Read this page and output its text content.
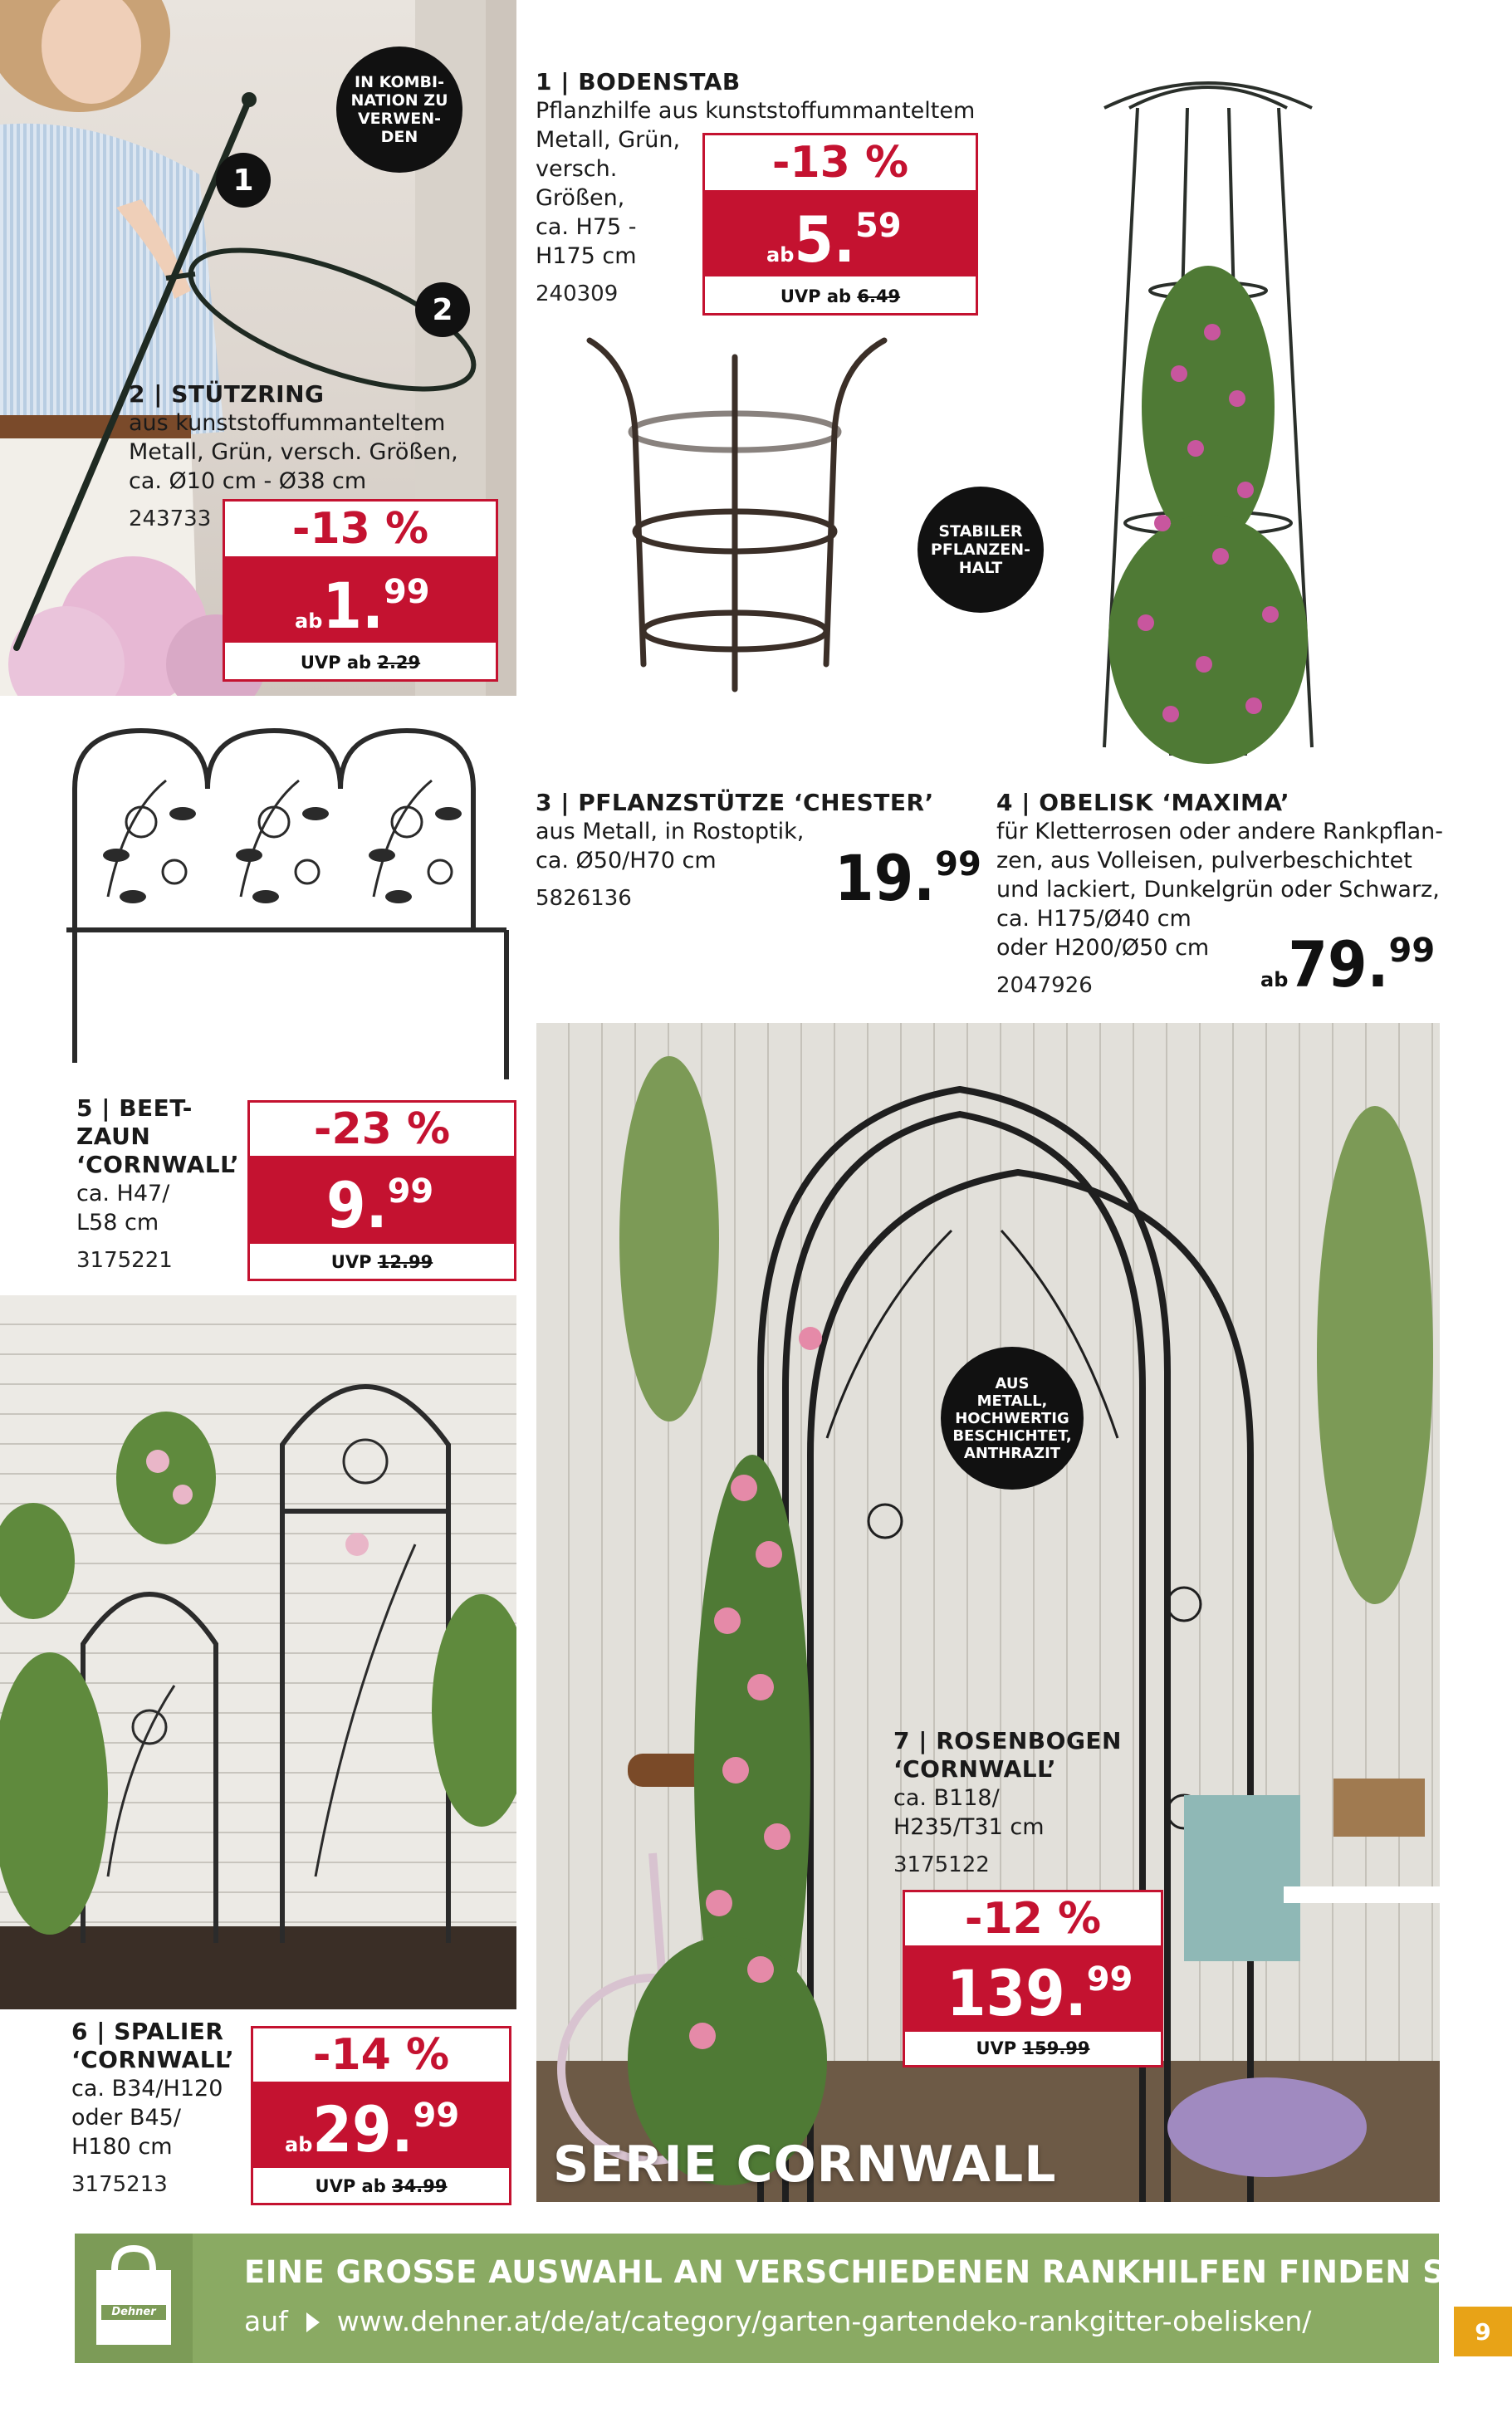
IN KOMBI-
NATION ZU
VERWEN-
DEN
1
2
2 | STÜTZRING
aus kunststoffummanteltem
Metall, Grün, versch. Größen,
ca. Ø10 cm - Ø38 cm
243733	-13 %
ab1.99
UVP ab 2.29
1 | BODENSTAB
Pflanzhilfe aus kunststoffummanteltem
Metall, Grün,
versch.
Größen,
ca. H75 -
H175 cm
240309
-13 %
ab5.59
UVP ab 6.49
STABILER
PFLANZEN-
HALT
3 | PFLANZSTÜTZE ‘CHESTER’
aus Metall, in Rostoptik,
ca. Ø50/H70 cm
5826136	19.99
4 | OBELISK ‘MAXIMA’
für Kletterrosen oder andere Rankpflan-
zen, aus Volleisen, pulverbeschichtet
und lackiert, Dunkelgrün oder Schwarz,
ca. H175/Ø40 cm
oder H200/Ø50 cm
2047926	ab79.99
5 | BEET-
ZAUN
‘CORNWALL’
ca. H47/
L58 cm
3175221
-23 %
9.99
UVP 12.99
6 | SPALIER
‘CORNWALL’
ca. B34/H120
oder B45/
H180 cm
3175213
-14 %
ab29.99
UVP ab 34.99
AUS
METALL,
HOCHWERTIG
BESCHICHTET,
ANTHRAZIT
7 | ROSENBOGEN
‘CORNWALL’
ca. B118/
H235/T31 cm
3175122
-12 %
139.99
UVP 159.99
SERIE CORNWALL
Dehner
EINE GROSSE AUSWAHL AN VERSCHIEDENEN RANKHILFEN FINDEN SIE
auf www.dehner.at/de/at/category/garten-gartendeko-rankgitter-obelisken/	9
